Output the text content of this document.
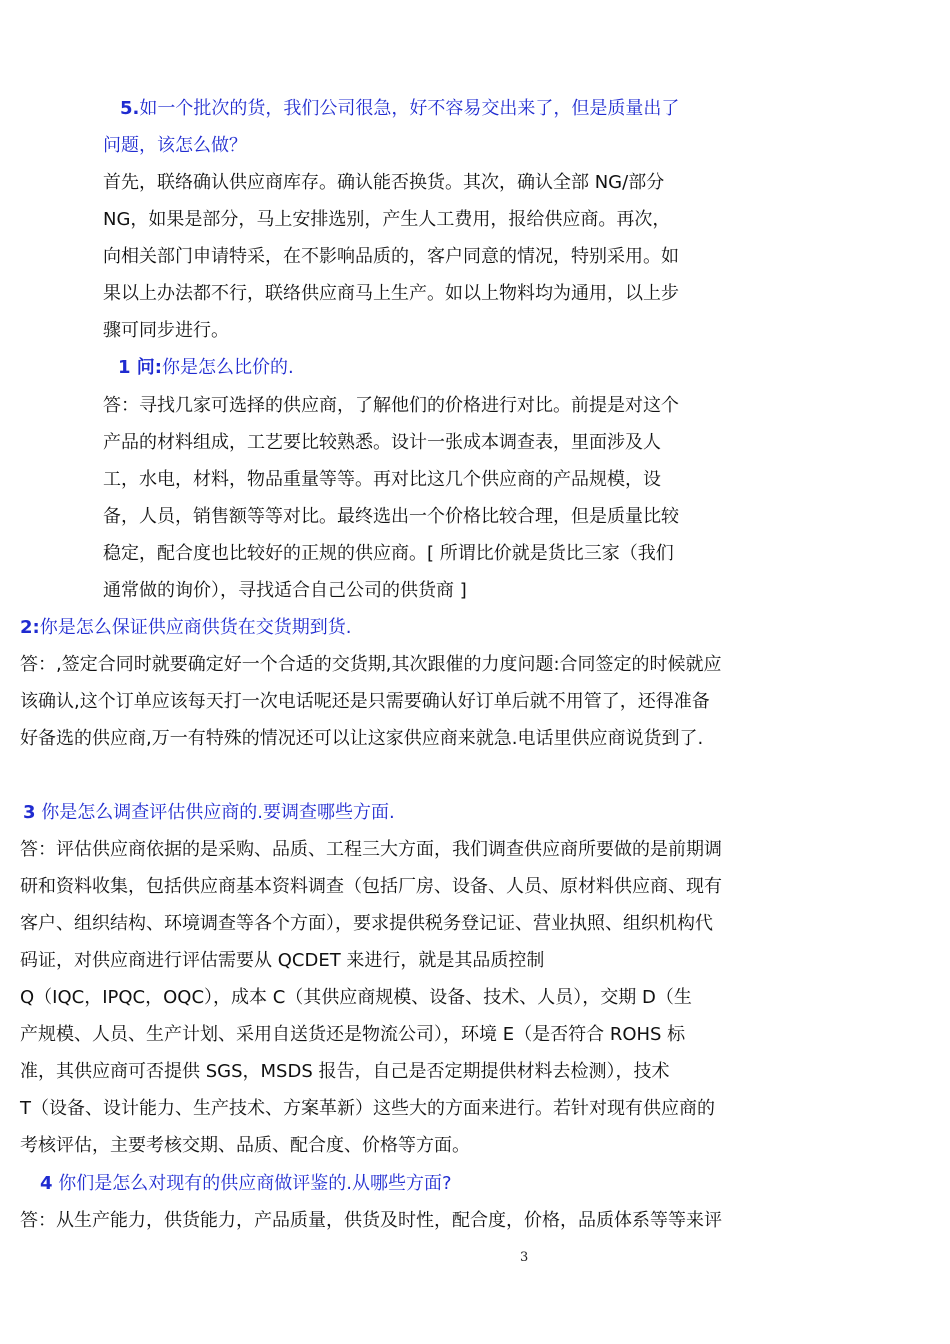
5.如一个批次的货，我们公司很急，好不容易交出来了，但是质量出了
问题，该怎么做？
首先，联络确认供应商库存。确认能否换货。其次，确认全部 NG/部分
NG，如果是部分，马上安排选别，产生人工费用，报给供应商。再次，
向相关部门申请特采，在不影响品质的，客户同意的情况，特别采用。如
果以上办法都不行，联络供应商马上生产。如以上物料均为通用，以上步
骤可同步进行。
1 问:你是怎么比价的.
答：寻找几家可选择的供应商，了解他们的价格进行对比。前提是对这个
产品的材料组成，工艺要比较熟悉。设计一张成本调查表，里面涉及人
工，水电，材料，物品重量等等。再对比这几个供应商的产品规模，设
备，人员，销售额等等对比。最终选出一个价格比较合理，但是质量比较
稳定，配合度也比较好的正规的供应商。[ 所谓比价就是货比三家（我们
通常做的询价），寻找适合自己公司的供货商 ]
2:你是怎么保证供应商供货在交货期到货.
答：,签定合同时就要确定好一个合适的交货期,其次跟催的力度问题:合同签定的时候就应
该确认,这个订单应该每天打一次电话呢还是只需要确认好订单后就不用管了，还得准备
好备选的供应商,万一有特殊的情况还可以让这家供应商来就急.电话里供应商说货到了.
3 你是怎么调查评估供应商的.要调查哪些方面.
答：评估供应商依据的是采购、品质、工程三大方面，我们调查供应商所要做的是前期调
研和资料收集，包括供应商基本资料调查（包括厂房、设备、人员、原材料供应商、现有
客户、组织结构、环境调查等各个方面），要求提供税务登记证、营业执照、组织机构代
码证，对供应商进行评估需要从 QCDET 来进行，就是其品质控制
Q（IQC，IPQC，OQC），成本 C（其供应商规模、设备、技术、人员），交期 D（生
产规模、人员、生产计划、采用自送货还是物流公司），环境 E（是否符合 ROHS 标
准，其供应商可否提供 SGS，MSDS 报告，自己是否定期提供材料去检测），技术
T（设备、设计能力、生产技术、方案革新）这些大的方面来进行。若针对现有供应商的
考核评估，主要考核交期、品质、配合度、价格等方面。
4 你们是怎么对现有的供应商做评鉴的.从哪些方面?
答：从生产能力，供货能力，产品质量，供货及时性，配合度，价格，品质体系等等来评
3
